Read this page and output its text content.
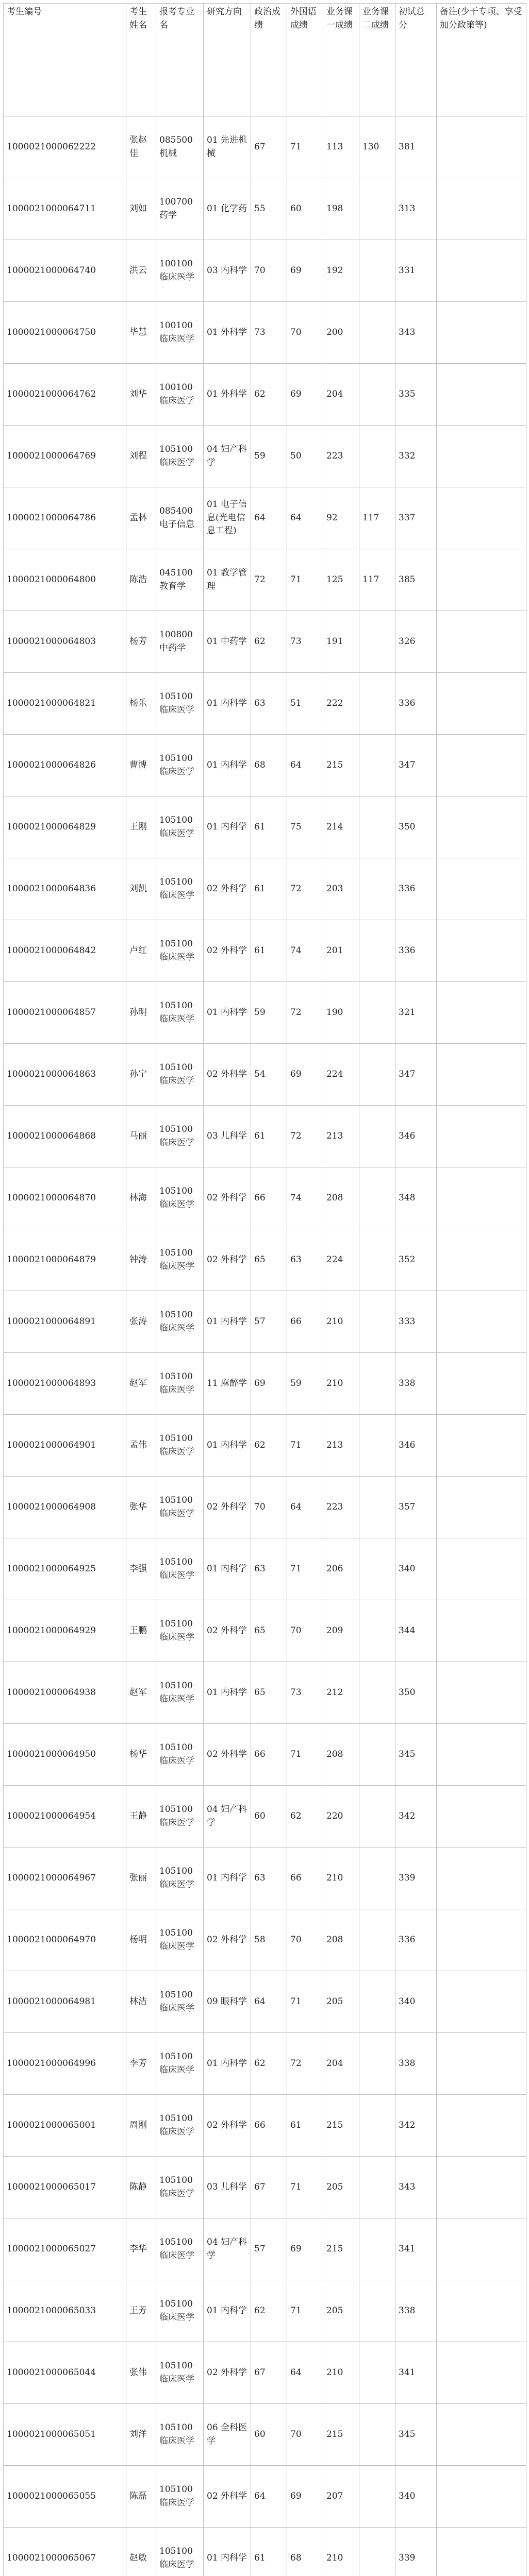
考生编号	考生姓名	报考专业名	研究方向	政治成绩	外国语成绩	业务课一成绩	业务课二成绩	初试总分	备注(少干专项、享受加分政策等)
1000021000062222	张赵佳	085500 机械	01 先进机械	67	71	113	130	381	
1000021000064711	刘如	100700 药学	01 化学药	55	60	198		313	
1000021000064740	洪云	100100 临床医学	03 内科学	70	69	192		331	
1000021000064750	毕慧	100100 临床医学	01 外科学	73	70	200		343	
1000021000064762	刘华	100100 临床医学	01 外科学	62	69	204		335	
1000021000064769	刘程	105100 临床医学	04 妇产科学	59	50	223		332	
1000021000064786	孟林	085400 电子信息	01 电子信息(光电信息工程)	64	64	92	117	337	
1000021000064800	陈浩	045100 教育学	01 教学管理	72	71	125	117	385	
1000021000064803	杨芳	100800 中药学	01 中药学	62	73	191		326	
1000021000064821	杨乐	105100 临床医学	01 内科学	63	51	222		336	
1000021000064826	曹博	105100 临床医学	01 内科学	68	64	215		347	
1000021000064829	王刚	105100 临床医学	01 内科学	61	75	214		350	
1000021000064836	刘凯	105100 临床医学	02 外科学	61	72	203		336	
1000021000064842	卢红	105100 临床医学	02 外科学	61	74	201		336	
1000021000064857	孙明	105100 临床医学	01 内科学	59	72	190		321	
1000021000064863	孙宁	105100 临床医学	02 外科学	54	69	224		347	
1000021000064868	马丽	105100 临床医学	03 儿科学	61	72	213		346	
1000021000064870	林海	105100 临床医学	02 外科学	66	74	208		348	
1000021000064879	钟涛	105100 临床医学	02 外科学	65	63	224		352	
1000021000064891	张涛	105100 临床医学	01 内科学	57	66	210		333	
1000021000064893	赵军	105100 临床医学	11 麻醉学	69	59	210		338	
1000021000064901	孟伟	105100 临床医学	01 内科学	62	71	213		346	
1000021000064908	张华	105100 临床医学	02 外科学	70	64	223		357	
1000021000064925	李强	105100 临床医学	01 内科学	63	71	206		340	
1000021000064929	王鹏	105100 临床医学	02 外科学	65	70	209		344	
1000021000064938	赵军	105100 临床医学	01 内科学	65	73	212		350	
1000021000064950	杨华	105100 临床医学	02 外科学	66	71	208		345	
1000021000064954	王静	105100 临床医学	04 妇产科学	60	62	220		342	
1000021000064967	张丽	105100 临床医学	01 内科学	63	66	210		339	
1000021000064970	杨明	105100 临床医学	02 外科学	58	70	208		336	
1000021000064981	林洁	105100 临床医学	09 眼科学	64	71	205		340	
1000021000064996	李芳	105100 临床医学	01 内科学	62	72	204		338	
1000021000065001	周刚	105100 临床医学	02 外科学	66	61	215		342	
1000021000065017	陈静	105100 临床医学	03 儿科学	67	71	205		343	
1000021000065027	李华	105100 临床医学	04 妇产科学	57	69	215		341	
1000021000065033	王芳	105100 临床医学	01 内科学	62	71	205		338	
1000021000065044	张伟	105100 临床医学	02 外科学	67	64	210		341	
1000021000065051	刘洋	105100 临床医学	06 全科医学	60	70	215		345	
1000021000065055	陈磊	105100 临床医学	02 外科学	64	69	207		340	
1000021000065067	赵敏	105100 临床医学	01 内科学	61	68	210		339	
